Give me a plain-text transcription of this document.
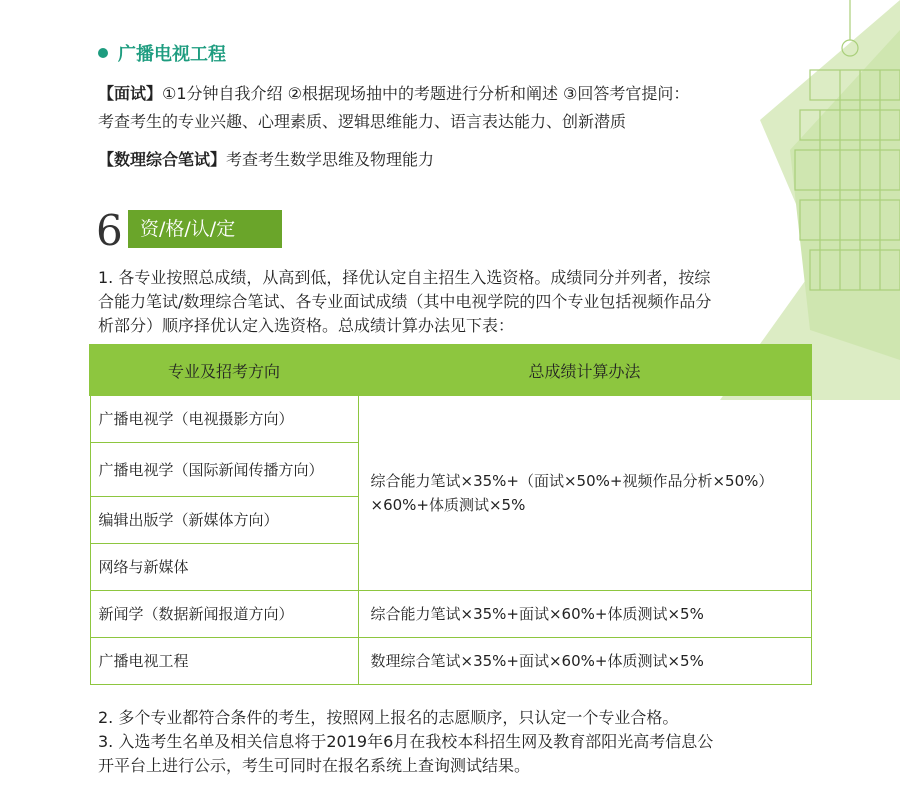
广播电视工程
【面试】①1分钟自我介绍 ②根据现场抽中的考题进行分析和阐述 ③回答考官提问：
考查考生的专业兴趣、心理素质、逻辑思维能力、语言表达能力、创新潜质
【数理综合笔试】考查考生数学思维及物理能力
6 资/格/认/定
1. 各专业按照总成绩，从高到低，择优认定自主招生入选资格。成绩同分并列者，按综
合能力笔试/数理综合笔试、各专业面试成绩（其中电视学院的四个专业包括视频作品分
析部分）顺序择优认定入选资格。总成绩计算办法见下表：
专业及招考方向	总成绩计算办法
广播电视学（电视摄影方向）	综合能力笔试×35%+（面试×50%+视频作品分析×50%）
×60%+体质测试×5%

广播电视学（国际新闻传播方向）	
编辑出版学（新媒体方向）	
网络与新媒体	
新闻学（数据新闻报道方向）	综合能力笔试×35%+面试×60%+体质测试×5%
广播电视工程	数理综合笔试×35%+面试×60%+体质测试×5%
2. 多个专业都符合条件的考生，按照网上报名的志愿顺序，只认定一个专业合格。
3. 入选考生名单及相关信息将于2019年6月在我校本科招生网及教育部阳光高考信息公
开平台上进行公示，考生可同时在报名系统上查询测试结果。
